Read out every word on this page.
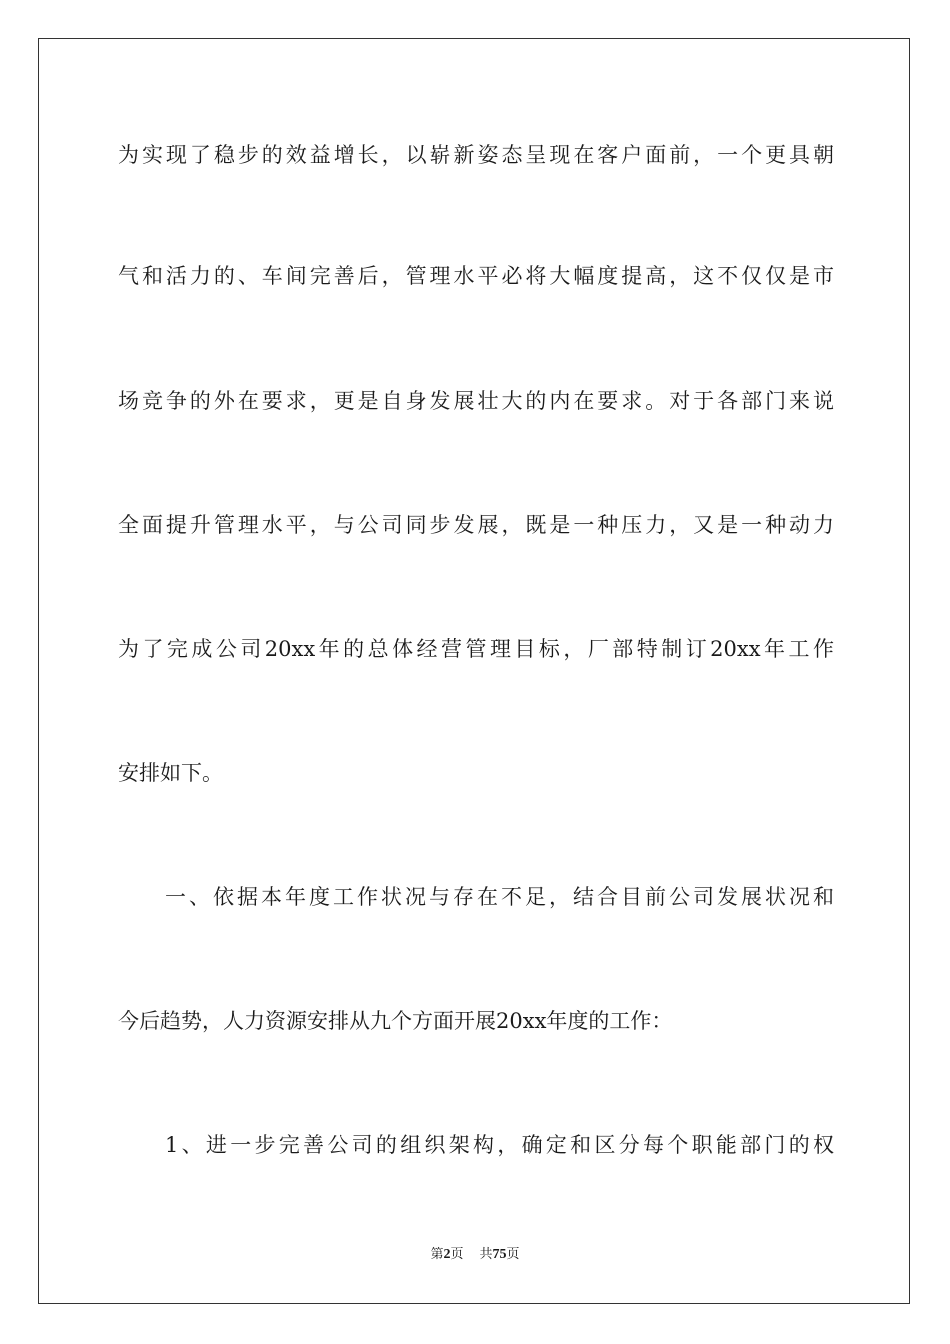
为实现了稳步的效益增长，以崭新姿态呈现在客户面前，一个更具朝
气和活力的、车间完善后，管理水平必将大幅度提高，这不仅仅是市
场竞争的外在要求，更是自身发展壮大的内在要求。对于各部门来说
全面提升管理水平，与公司同步发展，既是一种压力，又是一种动力
为了完成公司20xx年的总体经营管理目标，厂部特制订20xx年工作
安排如下。
一、依据本年度工作状况与存在不足，结合目前公司发展状况和
今后趋势，人力资源安排从九个方面开展20xx年度的工作：
1、进一步完善公司的组织架构，确定和区分每个职能部门的权
第2页 共75页
